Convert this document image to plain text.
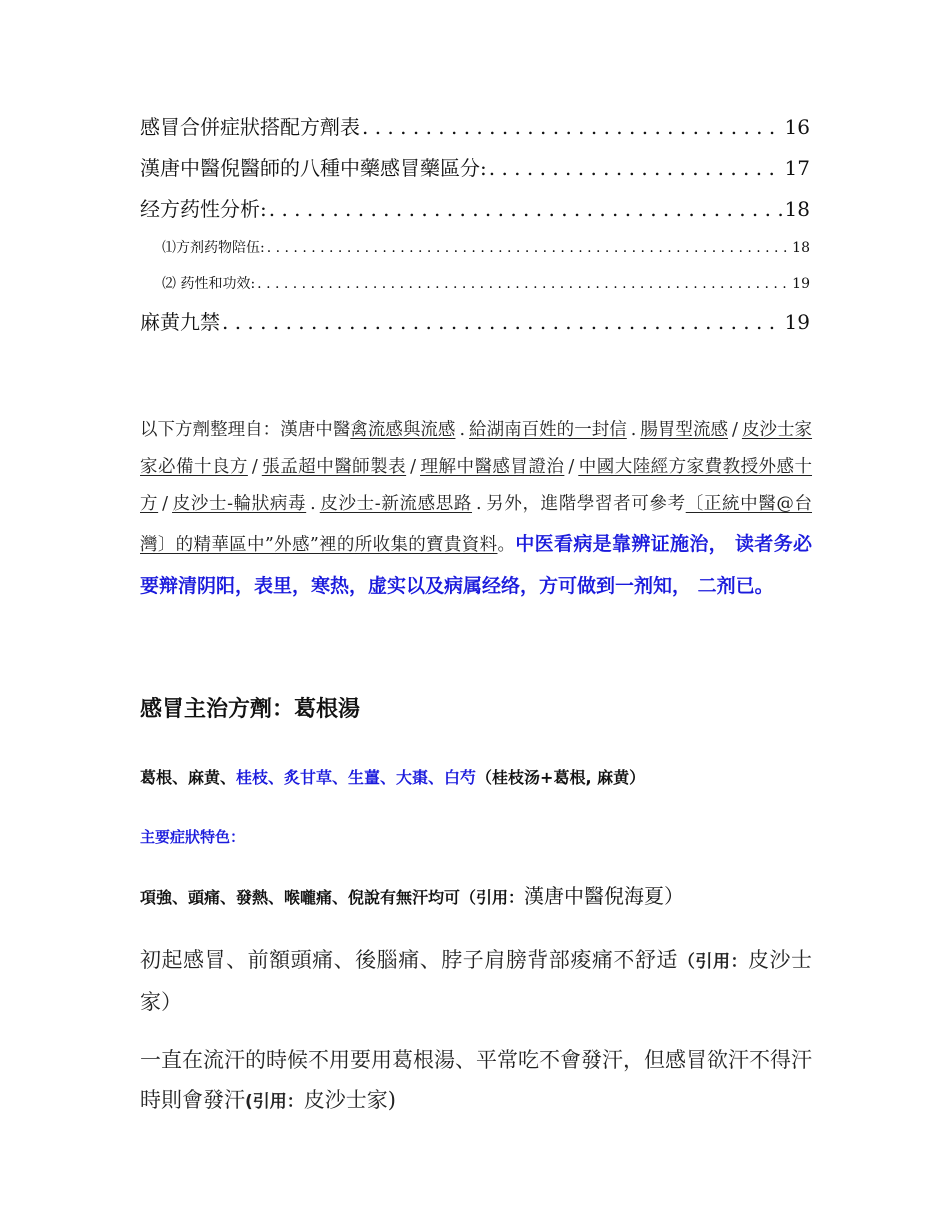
感冒合併症狀搭配方劑表 . . .	16
漢唐中醫倪醫師的八種中藥感冒藥區分: . . .	17
经方药性分析: . . .	18
⑴方剂药物陪伍: . . .	18
⑵ 药性和功效: . . .	19
麻黄九禁 . . .	19

以下方劑整理自：漢唐中醫禽流感與流感 . 給湖南百姓的一封信 . 腸胃型流感 / 皮沙士家家必備十良方 / 張孟超中醫師製表 / 理解中醫感冒證治 / 中國大陸經方家費教授外感十方 / 皮沙士-輪狀病毒 . 皮沙士-新流感思路 . 另外，進階學習者可參考〔正統中醫@台灣〕的精華區中”外感”裡的所收集的寶貴資料。中医看病是靠辨证施治， 读者务必要辩清阴阳，表里，寒热，虚实以及病属经络，方可做到一剂知， 二剂已。

感冒主治方劑：葛根湯
葛根、麻黄、桂枝、炙甘草、生薑、大棗、白芍（桂枝汤+葛根, 麻黄）
主要症狀特色：
項強、頭痛、發熱、喉嚨痛、倪說有無汗均可（引用：漢唐中醫倪海夏）

初起感冒、前額頭痛、後腦痛、脖子肩膀背部痠痛不舒适（引用：皮沙士家）

一直在流汗的時候不用要用葛根湯、平常吃不會發汗，但感冒欲汗不得汗時則會發汗(引用：皮沙士家)
